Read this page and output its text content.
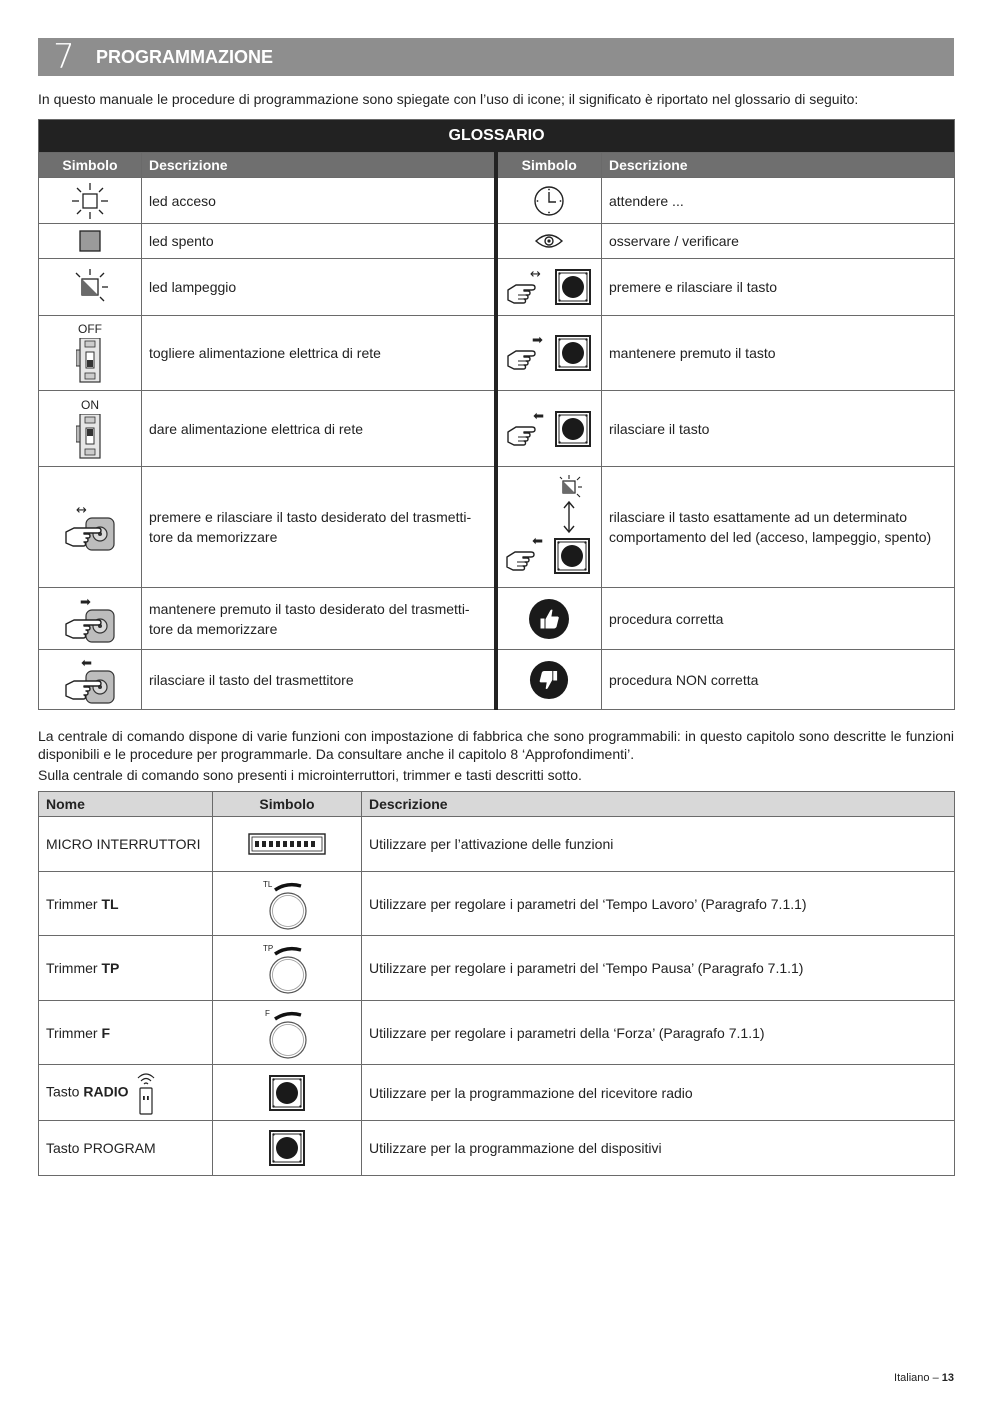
7	PROGRAMMAZIONE
In questo manuale le procedure di programmazione sono spiegate con l’uso di icone; il significato è riportato nel glossario di seguito:
GLOSSARIO			
Simbolo	Descrizione	Simbolo	Descrizione
	led acceso		attendere ...
	led spento		osservare / verificare
	led lampeggio	↔	premere e rilasciare il tasto

OFF	togliere alimentazione elettrica di rete	➡	mantenere premuto il tasto

ON	dare alimentazione elettrica di rete	➡	rilasciare il tasto

↔	premere e rilasciare il tasto desiderato del trasmetti-tore da memorizzare	➡	rilasciare il tasto esattamente ad un determinato comportamento del led (acceso, lampeggio, spento)

➡	mantenere premuto il tasto desiderato del trasmetti-tore da memorizzare		procedura corretta

➡	rilasciare il tasto del trasmettitore		procedura NON corretta
La centrale di comando dispone di varie funzioni con impostazione di fabbrica che sono programmabili: in questo capitolo sono descritte le funzioni disponibili e le procedure per programmarle. Da consultare anche il capitolo 8 ‘Approfondimenti’.
Sulla centrale di comando sono presenti i microinterruttori, trimmer e tasti descritti sotto.
Nome	Simbolo	Descrizione
MICRO INTERRUTTORI		Utilizzare per l’attivazione delle funzioni
Trimmer TL	TL	Utilizzare per regolare i parametri del ‘Tempo Lavoro’ (Paragrafo 7.1.1)
Trimmer TP	TP	Utilizzare per regolare i parametri del ‘Tempo Pausa’ (Paragrafo 7.1.1)
Trimmer F	F	Utilizzare per regolare i parametri della ‘Forza’ (Paragrafo 7.1.1)
Tasto RADIO		Utilizzare per la programmazione del ricevitore radio
Tasto PROGRAM		Utilizzare per la programmazione del dispositivi
Italiano – 13
